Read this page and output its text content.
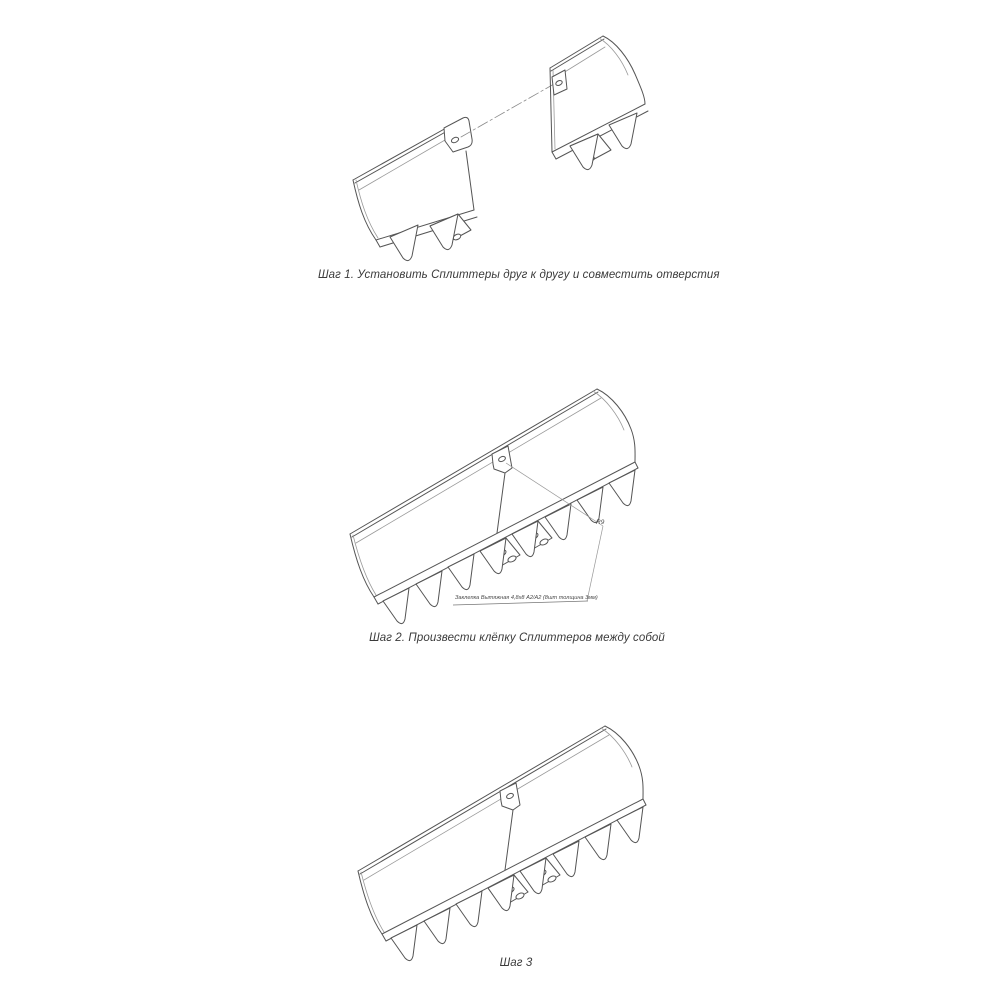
Шаг 1. Установить Сплиттеры друг к другу и совместить отверстия
R9
Заклепка Вытяжная 4,8x8 А2/А2 (8шт толщина 3мм)
Шаг 2. Произвести клёпку Сплиттеров между собой
Шаг 3
